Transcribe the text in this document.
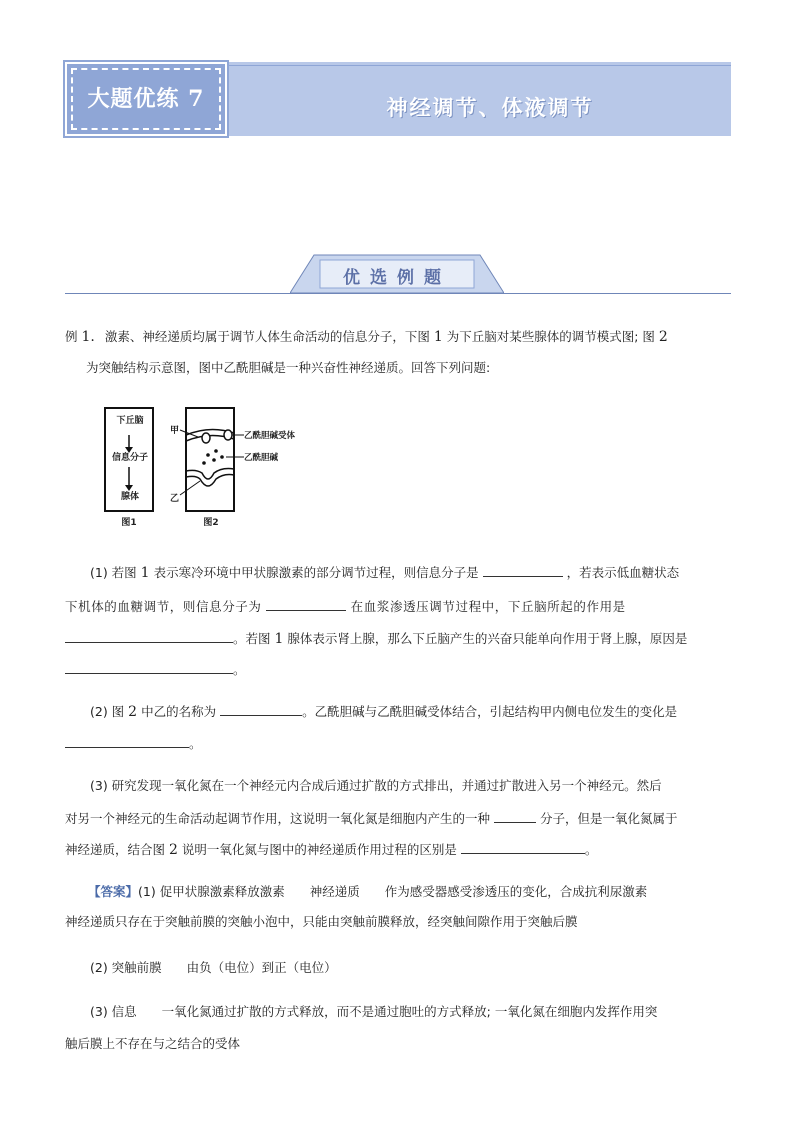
大题优练 7	神经调节、体液调节
优选例题
例 1. 激素、神经递质均属于调节人体生命活动的信息分子，下图 1 为下丘脑对某些腺体的调节模式图; 图 2
为突触结构示意图，图中乙酰胆碱是一种兴奋性神经递质。回答下列问题:
下丘脑
信息分子
腺体
图1
甲
乙
乙酰胆碱受体
乙酰胆碱
图2
(1) 若图 1 表示寒冷环境中甲状腺激素的部分调节过程，则信息分子是	，若表示低血糖状态
下机体的血糖调节，则信息分子为	在血浆渗透压调节过程中，下丘脑所起的作用是
。若图 1 腺体表示肾上腺，那么下丘脑产生的兴奋只能单向作用于肾上腺，原因是
。
(2) 图 2 中乙的名称为	。乙酰胆碱与乙酰胆碱受体结合，引起结构甲内侧电位发生的变化是
。
(3) 研究发现一氧化氮在一个神经元内合成后通过扩散的方式排出，并通过扩散进入另一个神经元。然后
对另一个神经元的生命活动起调节作用，这说明一氧化氮是细胞内产生的一种	分子，但是一氧化氮属于
神经递质，结合图 2 说明一氧化氮与图中的神经递质作用过程的区别是	。
【答案】(1) 促甲状腺激素释放激素　　神经递质　　作为感受器感受渗透压的变化，合成抗利尿激素
神经递质只存在于突触前膜的突触小泡中，只能由突触前膜释放，经突触间隙作用于突触后膜
(2) 突触前膜　　由负（电位）到正（电位）
(3) 信息　　一氧化氮通过扩散的方式释放，而不是通过胞吐的方式释放; 一氧化氮在细胞内发挥作用突
触后膜上不存在与之结合的受体
